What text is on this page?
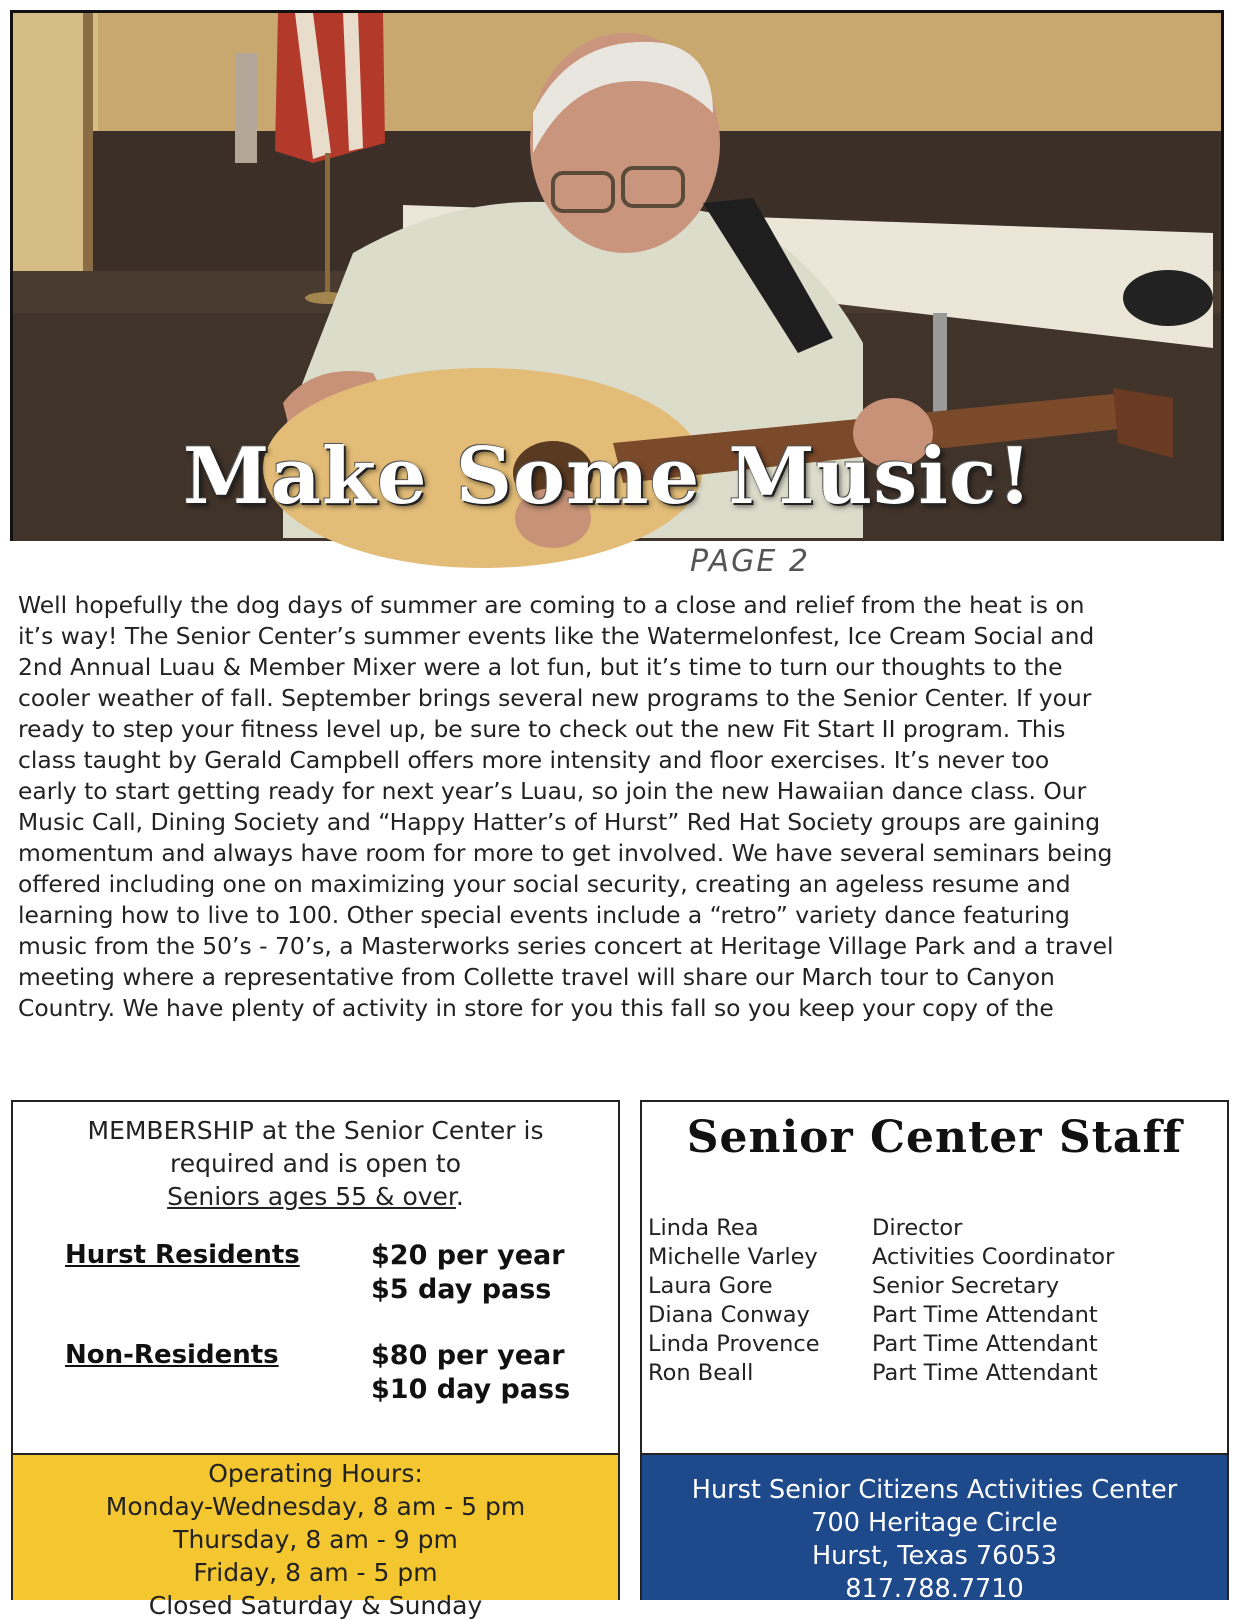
Make Some Music!
PAGE 2
Well hopefully the dog days of summer are coming to a close and relief from the heat is on
it’s way! The Senior Center’s summer events like the Watermelonfest, Ice Cream Social and
2nd Annual Luau & Member Mixer were a lot fun, but it’s time to turn our thoughts to the
cooler weather of fall. September brings several new programs to the Senior Center. If your
ready to step your fitness level up, be sure to check out the new Fit Start II program. This
class taught by Gerald Campbell offers more intensity and floor exercises. It’s never too
early to start getting ready for next year’s Luau, so join the new Hawaiian dance class. Our
Music Call, Dining Society and “Happy Hatter’s of Hurst” Red Hat Society groups are gaining
momentum and always have room for more to get involved. We have several seminars being
offered including one on maximizing your social security, creating an ageless resume and
learning how to live to 100. Other special events include a “retro” variety dance featuring
music from the 50’s - 70’s, a Masterworks series concert at Heritage Village Park and a travel
meeting where a representative from Collette travel will share our March tour to Canyon
Country. We have plenty of activity in store for you this fall so you keep your copy of the
MEMBERSHIP at the Senior Center is
required and is open to
Seniors ages 55 & over.
Hurst Residents	$20 per year
$5 day pass
Non-Residents	$80 per year
$10 day pass
Senior Center Staff
Linda Rea	Director
Michelle Varley Activities Coordinator
Laura Gore	Senior Secretary
Diana Conway	Part Time Attendant
Linda Provence Part Time Attendant
Ron Beall	Part Time Attendant
Operating Hours:
Monday-Wednesday, 8 am - 5 pm
Thursday, 8 am - 9 pm
Friday, 8 am - 5 pm
Closed Saturday & Sunday
Hurst Senior Citizens Activities Center
700 Heritage Circle
Hurst, Texas 76053
817.788.7710
